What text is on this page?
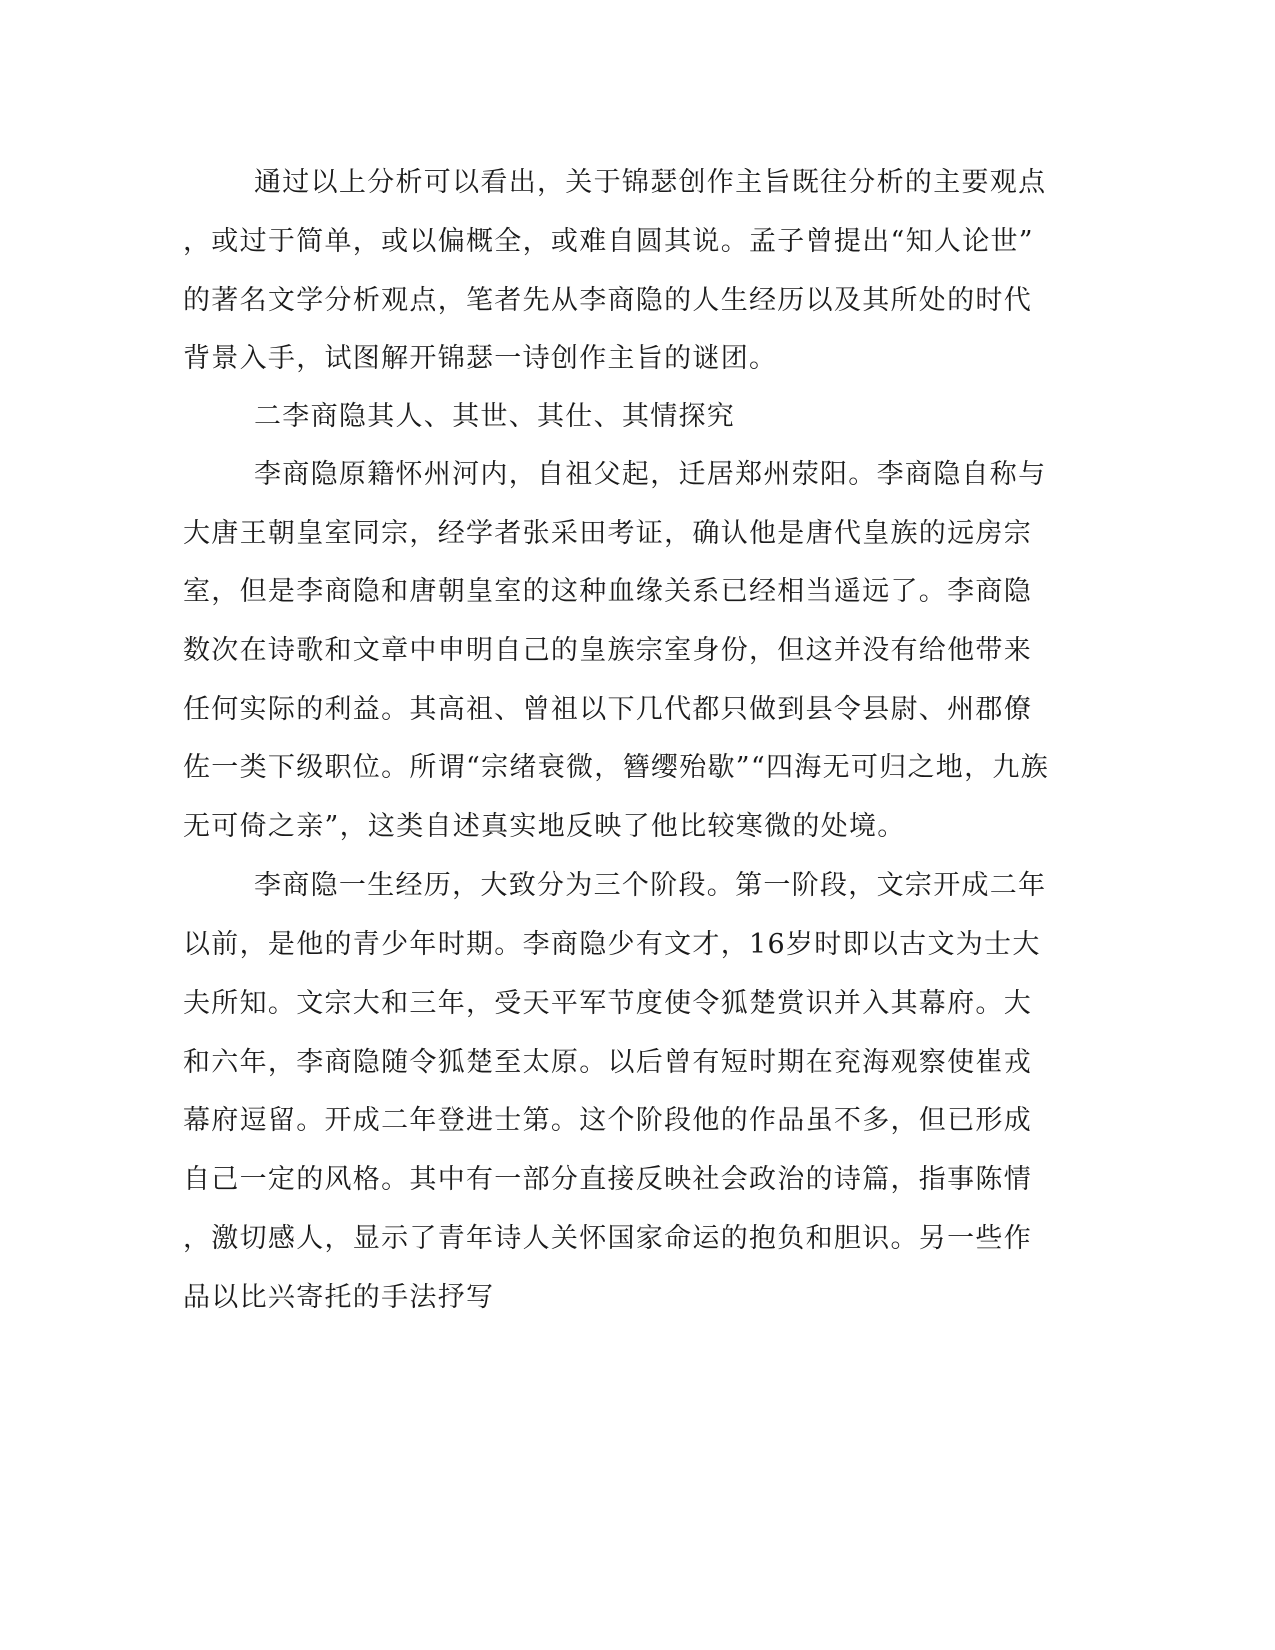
通过以上分析可以看出，关于锦瑟创作主旨既往分析的主要观点
，或过于简单，或以偏概全，或难自圆其说。孟子曾提出“知人论世”
的著名文学分析观点，笔者先从李商隐的人生经历以及其所处的时代
背景入手，试图解开锦瑟一诗创作主旨的谜团。
二李商隐其人、其世、其仕、其情探究
李商隐原籍怀州河内，自祖父起，迁居郑州荥阳。李商隐自称与
大唐王朝皇室同宗，经学者张采田考证，确认他是唐代皇族的远房宗
室，但是李商隐和唐朝皇室的这种血缘关系已经相当遥远了。李商隐
数次在诗歌和文章中申明自己的皇族宗室身份，但这并没有给他带来
任何实际的利益。其高祖、曾祖以下几代都只做到县令县尉、州郡僚
佐一类下级职位。所谓“宗绪衰微，簪缨殆歇”“四海无可归之地，九族
无可倚之亲”，这类自述真实地反映了他比较寒微的处境。
李商隐一生经历，大致分为三个阶段。第一阶段，文宗开成二年
以前，是他的青少年时期。李商隐少有文才，16岁时即以古文为士大
夫所知。文宗大和三年，受天平军节度使令狐楚赏识并入其幕府。大
和六年，李商隐随令狐楚至太原。以后曾有短时期在兖海观察使崔戎
幕府逗留。开成二年登进士第。这个阶段他的作品虽不多，但已形成
自己一定的风格。其中有一部分直接反映社会政治的诗篇，指事陈情
，激切感人，显示了青年诗人关怀国家命运的抱负和胆识。另一些作
品以比兴寄托的手法抒写
